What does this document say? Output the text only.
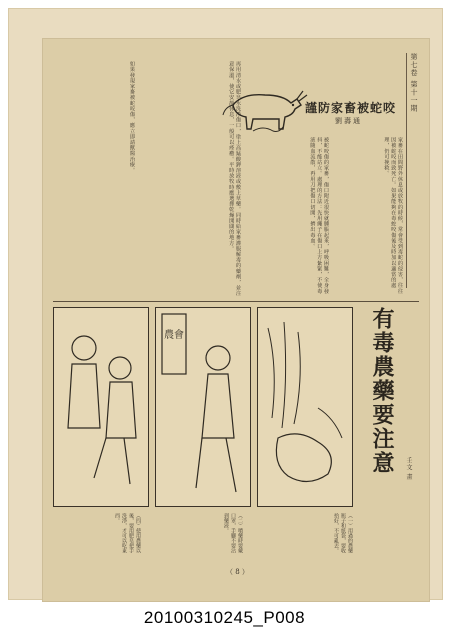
第七卷 第十一期
家畜在田間野外休息或放牧的時候，常會受到毒蛇的侵害，往往因被蛇咬而致死亡。如果能夠在毒蛇咬傷後及時加以適當的處理，仍可挽救。
被蛇咬傷的家畜，傷口附近很快就腫脹起來，呼吸困難，全身發抖，不能站立。處理的方法：先用繩子在傷口上方紮緊，不使毒液隨血流散，再用刀把傷口切開，擠出毒血。
再用清水或肥皂水洗淨傷口，塗上高錳酸鉀溶液或敷上草藥。同時給家畜灌服解毒的藥劑，並注意保溫，使它安靜休息，一般可以痊癒。平時放牧時應選擇乾燥開闊的地方。
如果發現家畜被蛇咬傷，應立即請獸醫治療。	謹防家畜被蛇咬
劉壽通
農會	有毒農藥要注意 壬文 畫
（四）使用農藥以後，要用肥皂把手洗淨，才可以吃東西。	（二）噴藥時要戴口罩，手腳不要沾到藥液。	（一）用過的農藥瓶子和紙袋，要收拾好，不可亂丟。
（ 8 ）
20100310245_P008
